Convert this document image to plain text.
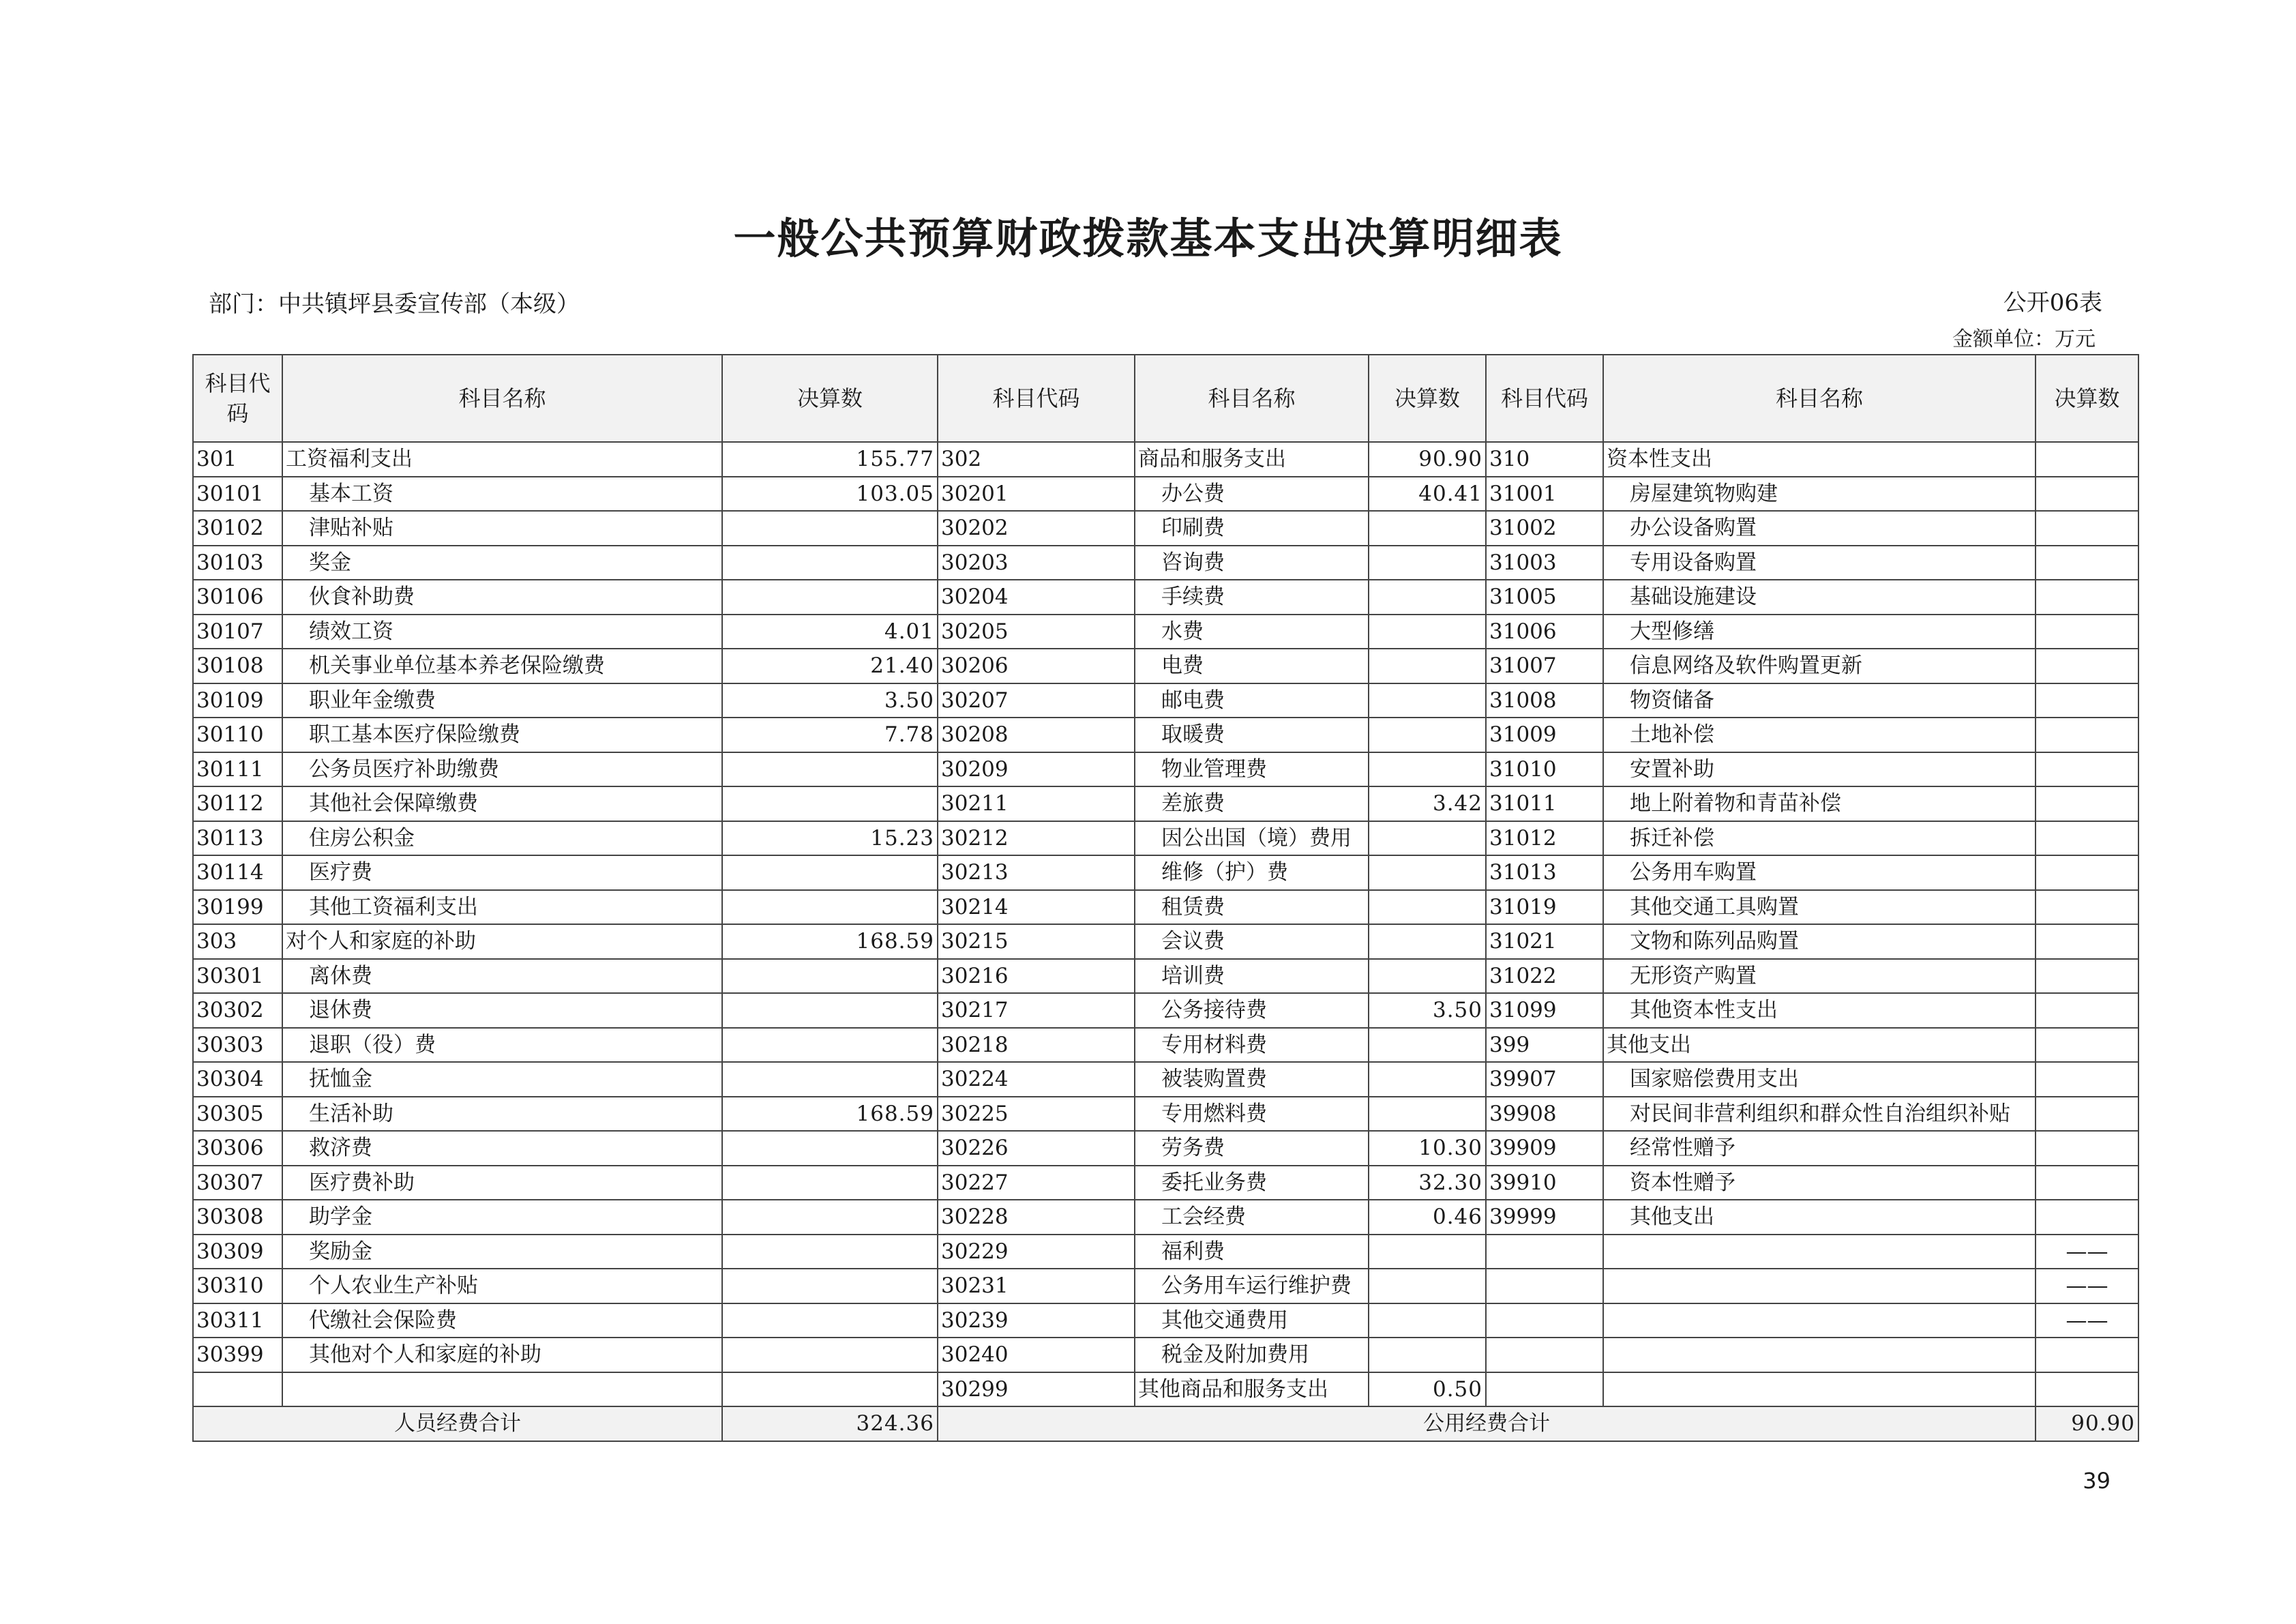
一般公共预算财政拨款基本支出决算明细表
部门：中共镇坪县委宣传部（本级）	公开06表
金额单位：万元
科目代码	科目名称	决算数	科目代码	科目名称	决算数	科目代码	科目名称	决算数
301	工资福利支出	155.77	302	商品和服务支出	90.90	310	资本性支出	
30101	基本工资	103.05	30201	办公费	40.41	31001	房屋建筑物购建	
30102	津贴补贴		30202	印刷费		31002	办公设备购置	
30103	奖金		30203	咨询费		31003	专用设备购置	
30106	伙食补助费		30204	手续费		31005	基础设施建设	
30107	绩效工资	4.01	30205	水费		31006	大型修缮	
30108	机关事业单位基本养老保险缴费	21.40	30206	电费		31007	信息网络及软件购置更新	
30109	职业年金缴费	3.50	30207	邮电费		31008	物资储备	
30110	职工基本医疗保险缴费	7.78	30208	取暖费		31009	土地补偿	
30111	公务员医疗补助缴费		30209	物业管理费		31010	安置补助	
30112	其他社会保障缴费		30211	差旅费	3.42	31011	地上附着物和青苗补偿	
30113	住房公积金	15.23	30212	因公出国（境）费用		31012	拆迁补偿	
30114	医疗费		30213	维修（护）费		31013	公务用车购置	
30199	其他工资福利支出		30214	租赁费		31019	其他交通工具购置	
303	对个人和家庭的补助	168.59	30215	会议费		31021	文物和陈列品购置	
30301	离休费		30216	培训费		31022	无形资产购置	
30302	退休费		30217	公务接待费	3.50	31099	其他资本性支出	
30303	退职（役）费		30218	专用材料费		399	其他支出	
30304	抚恤金		30224	被装购置费		39907	国家赔偿费用支出	
30305	生活补助	168.59	30225	专用燃料费		39908	对民间非营利组织和群众性自治组织补贴	
30306	救济费		30226	劳务费	10.30	39909	经常性赠予	
30307	医疗费补助		30227	委托业务费	32.30	39910	资本性赠予	
30308	助学金		30228	工会经费	0.46	39999	其他支出	
30309	奖励金		30229	福利费				——
30310	个人农业生产补贴		30231	公务用车运行维护费				——
30311	代缴社会保险费		30239	其他交通费用				——
30399	其他对个人和家庭的补助		30240	税金及附加费用				
			30299	其他商品和服务支出	0.50			
人员经费合计		324.36	公用经费合计					90.90
39
